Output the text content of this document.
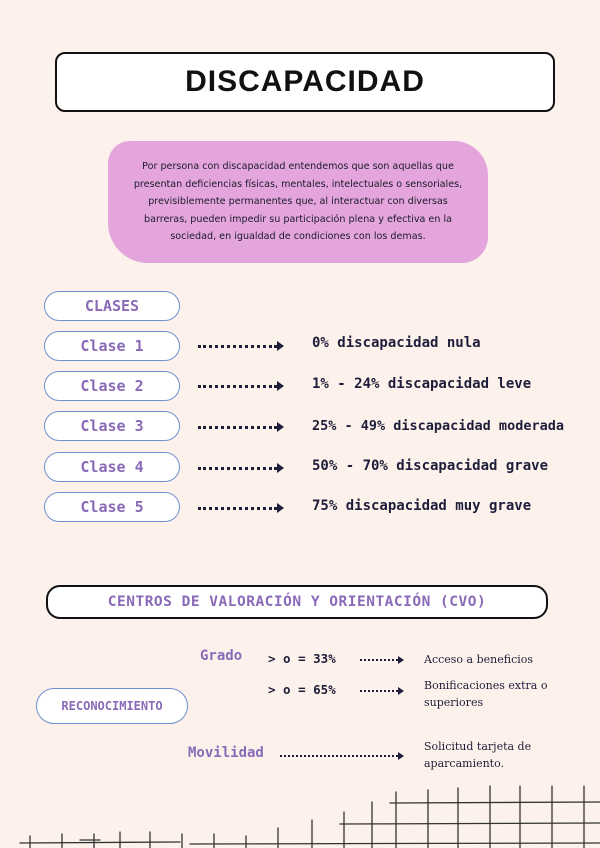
DISCAPACIDAD
Por persona con discapacidad entendemos que son aquellas que presentan deficiencias físicas, mentales, intelectuales o sensoriales, previsiblemente permanentes que, al interactuar con diversas barreras, pueden impedir su participación plena y efectiva en la sociedad, en igualdad de condiciones con los demas.
CLASES
Clase 1	0% discapacidad nula
Clase 2	1% - 24% discapacidad leve
Clase 3	25% - 49% discapacidad moderada
Clase 4	50% - 70% discapacidad grave
Clase 5	75% discapacidad muy grave
CENTROS DE VALORACIÓN Y ORIENTACIÓN (CVO)
RECONOCIMIENTO
Grado > o = 33%	Acceso a beneficios
> o = 65%	Bonificaciones extra o superiores
Movilidad	Solicitud tarjeta de aparcamiento.
